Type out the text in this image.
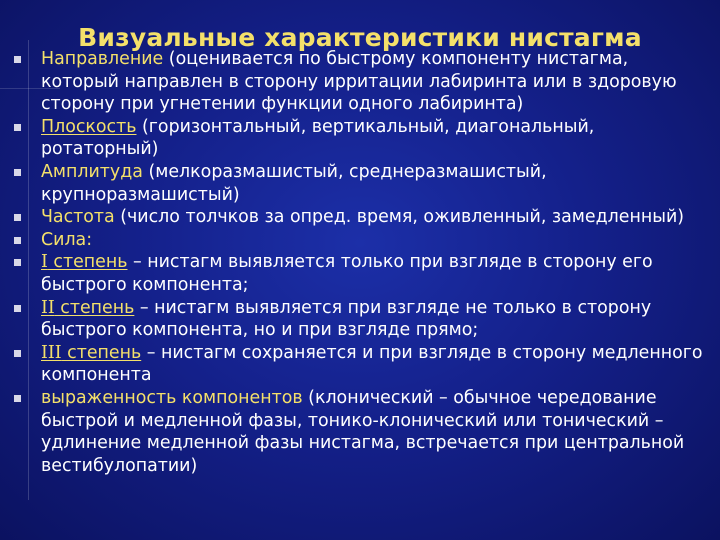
Визуальные характеристики нистагма
Направление (оценивается по быстрому компоненту нистагма, который направлен в сторону ирритации лабиринта или в здоровую сторону при угнетении функции одного лабиринта)
Плоскость (горизонтальный, вертикальный, диагональный, ротаторный)
Амплитуда (мелкоразмашистый, среднеразмашистый, крупноразмашистый)
Частота (число толчков за опред. время, оживленный, замедленный)
Сила:
I степень – нистагм выявляется только при взгляде в сторону его быстрого компонента;
II степень – нистагм выявляется при взгляде не только в сторону быстрого компонента, но и при взгляде прямо;
III степень – нистагм сохраняется и при взгляде в сторону медленного компонента
выраженность компонентов (клонический – обычное чередование быстрой и медленной фазы, тонико-клонический или тонический – удлинение медленной фазы нистагма, встречается при центральной вестибулопатии)
